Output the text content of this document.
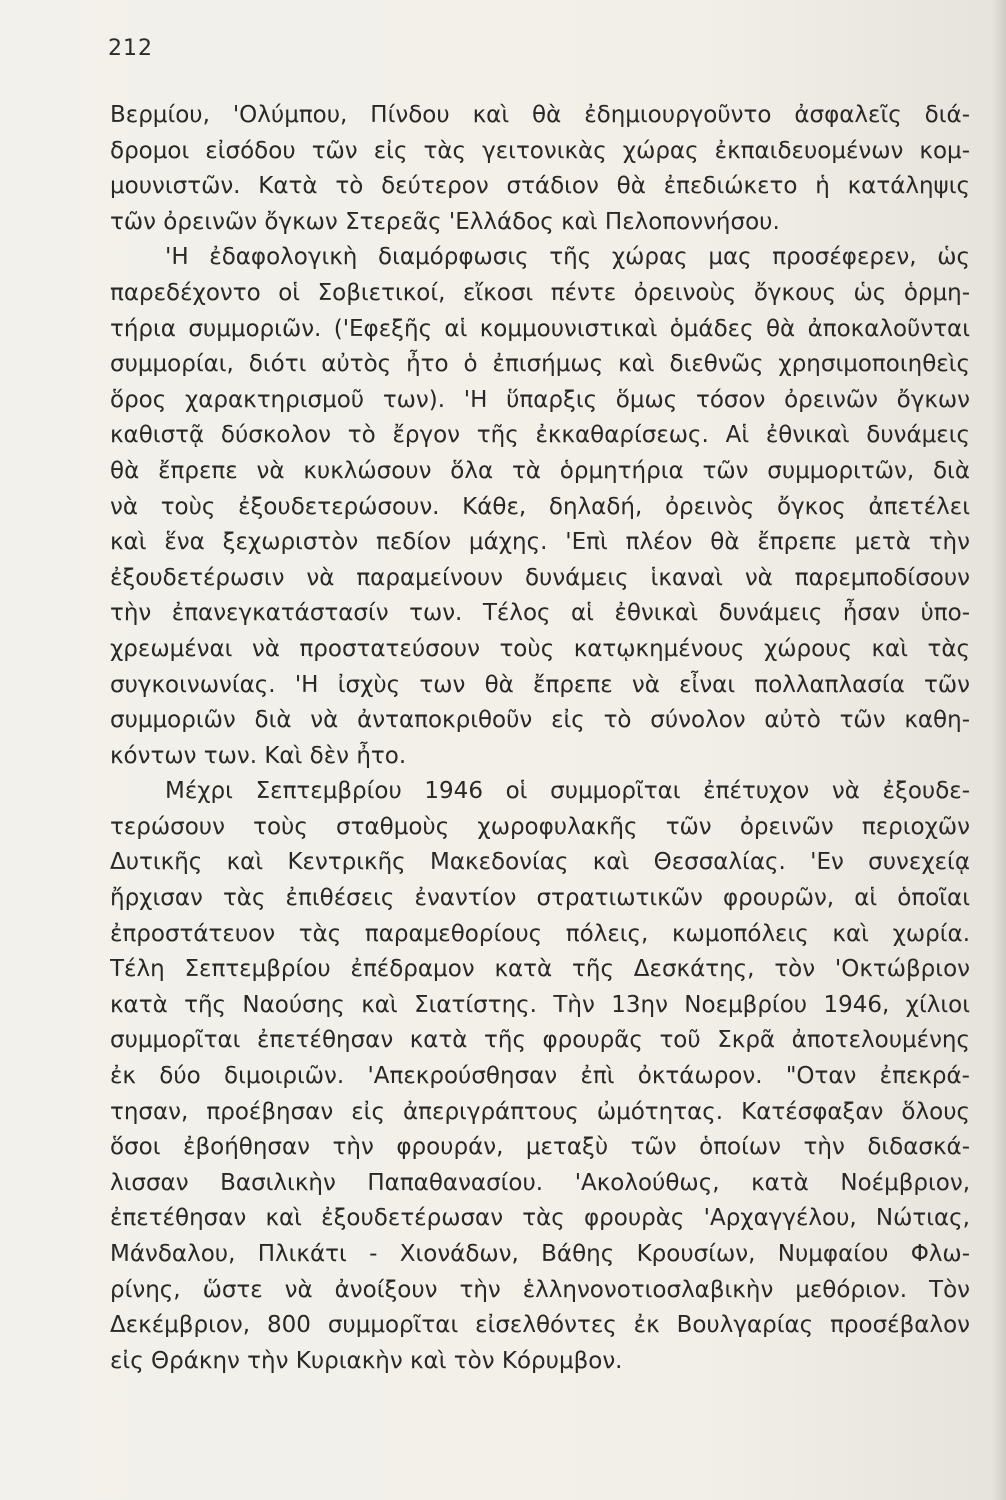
212
Βερμίου, 'Ολύμπου, Πίνδου καὶ θὰ ἐδημιουργοῦντο ἀσφαλεῖς διά-
δρομοι εἰσόδου τῶν εἰς τὰς γειτονικὰς χώρας ἐκπαιδευομένων κομ-
μουνιστῶν. Κατὰ τὸ δεύτερον στάδιον θὰ ἐπεδιώκετο ἡ κατάληψις
τῶν ὀρεινῶν ὄγκων Στερεᾶς 'Ελλάδος καὶ Πελοποννήσου.
'Η ἐδαφολογικὴ διαμόρφωσις τῆς χώρας μας προσέφερεν, ὡς
παρεδέχοντο οἱ Σοβιετικοί, εἴκοσι πέντε ὀρεινοὺς ὄγκους ὡς ὁρμη-
τήρια συμμοριῶν. ('Εφεξῆς αἱ κομμουνιστικαὶ ὁμάδες θὰ ἀποκαλοῦνται
συμμορίαι, διότι αὐτὸς ἦτο ὁ ἐπισήμως καὶ διεθνῶς χρησιμοποιηθεὶς
ὅρος χαρακτηρισμοῦ των). 'Η ὕπαρξις ὅμως τόσον ὀρεινῶν ὄγκων
καθιστᾷ δύσκολον τὸ ἔργον τῆς ἐκκαθαρίσεως. Αἱ ἐθνικαὶ δυνάμεις
θὰ ἔπρεπε νὰ κυκλώσουν ὅλα τὰ ὁρμητήρια τῶν συμμοριτῶν, διὰ
νὰ τοὺς ἐξουδετερώσουν. Κάθε, δηλαδή, ὀρεινὸς ὄγκος ἀπετέλει
καὶ ἕνα ξεχωριστὸν πεδίον μάχης. 'Επὶ πλέον θὰ ἔπρεπε μετὰ τὴν
ἐξουδετέρωσιν νὰ παραμείνουν δυνάμεις ἱκαναὶ νὰ παρεμποδίσουν
τὴν ἐπανεγκατάστασίν των. Τέλος αἱ ἐθνικαὶ δυνάμεις ἦσαν ὑπο-
χρεωμέναι νὰ προστατεύσουν τοὺς κατῳκημένους χώρους καὶ τὰς
συγκοινωνίας. 'Η ἰσχὺς των θὰ ἔπρεπε νὰ εἶναι πολλαπλασία τῶν
συμμοριῶν διὰ νὰ ἀνταποκριθοῦν εἰς τὸ σύνολον αὐτὸ τῶν καθη-
κόντων των. Καὶ δὲν ἦτο.
Μέχρι Σεπτεμβρίου 1946 οἱ συμμορῖται ἐπέτυχον νὰ ἐξουδε-
τερώσουν τοὺς σταθμοὺς χωροφυλακῆς τῶν ὀρεινῶν περιοχῶν
Δυτικῆς καὶ Κεντρικῆς Μακεδονίας καὶ Θεσσαλίας. 'Εν συνεχείᾳ
ἤρχισαν τὰς ἐπιθέσεις ἐναντίον στρατιωτικῶν φρουρῶν, αἱ ὁποῖαι
ἐπροστάτευον τὰς παραμεθορίους πόλεις, κωμοπόλεις καὶ χωρία.
Τέλη Σεπτεμβρίου ἐπέδραμον κατὰ τῆς Δεσκάτης, τὸν 'Οκτώβριον
κατὰ τῆς Ναούσης καὶ Σιατίστης. Τὴν 13ην Νοεμβρίου 1946, χίλιοι
συμμορῖται ἐπετέθησαν κατὰ τῆς φρουρᾶς τοῦ Σκρᾶ ἀποτελουμένης
ἐκ δύο διμοιριῶν. 'Απεκρούσθησαν ἐπὶ ὀκτάωρον. "Οταν ἐπεκρά-
τησαν, προέβησαν εἰς ἀπεριγράπτους ὠμότητας. Κατέσφαξαν ὅλους
ὅσοι ἐβοήθησαν τὴν φρουράν, μεταξὺ τῶν ὁποίων τὴν διδασκά-
λισσαν Βασιλικὴν Παπαθανασίου. 'Ακολούθως, κατὰ Νοέμβριον,
ἐπετέθησαν καὶ ἐξουδετέρωσαν τὰς φρουρὰς 'Αρχαγγέλου, Νώτιας,
Μάνδαλου, Πλικάτι - Χιονάδων, Βάθης Κρουσίων, Νυμφαίου Φλω-
ρίνης, ὥστε νὰ ἀνοίξουν τὴν ἑλληνονοτιοσλαβικὴν μεθόριον. Τὸν
Δεκέμβριον, 800 συμμορῖται εἰσελθόντες ἐκ Βουλγαρίας προσέβαλον
εἰς Θράκην τὴν Κυριακὴν καὶ τὸν Κόρυμβον.
